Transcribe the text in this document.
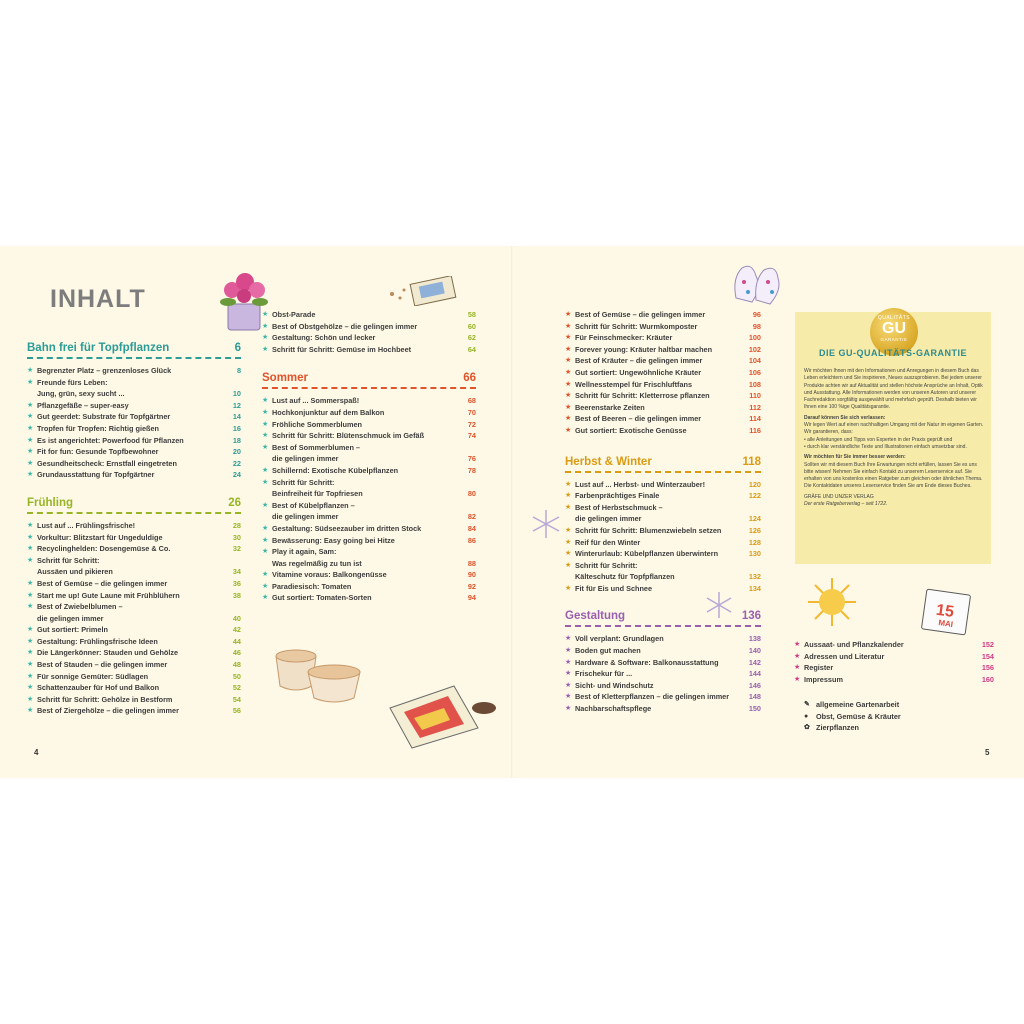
INHALT
15
MAI
Bahn frei für Topfpflanzen	6
★ Begrenzter Platz – grenzenloses Glück	8
★ Freunde fürs Leben:
Jung, grün, sexy sucht ...	10
★ Pflanzgefäße – super-easy	12
★ Gut geerdet: Substrate für Topfgärtner	14
★ Tropfen für Tropfen: Richtig gießen	16
★ Es ist angerichtet: Powerfood für Pflanzen	18
★ Fit for fun: Gesunde Topfbewohner	20
★ Gesundheitscheck: Ernstfall eingetreten	22
★ Grundausstattung für Topfgärtner	24
Frühling	26
★ Lust auf ... Frühlingsfrische!	28
★ Vorkultur: Blitzstart für Ungeduldige	30
★ Recyclinghelden: Dosengemüse & Co.	32
★ Schritt für Schritt:
Aussäen und pikieren	34
★ Best of Gemüse – die gelingen immer	36
★ Start me up! Gute Laune mit Frühblühern	38
★ Best of Zwiebelblumen –
die gelingen immer	40
★ Gut sortiert: Primeln	42
★ Gestaltung: Frühlingsfrische Ideen	44
★ Die Längerkönner: Stauden und Gehölze	46
★ Best of Stauden – die gelingen immer	48
★ Für sonnige Gemüter: Südlagen	50
★ Schattenzauber für Hof und Balkon	52
★ Schritt für Schritt: Gehölze in Bestform	54
★ Best of Ziergehölze – die gelingen immer	56
★ Obst-Parade	58
★ Best of Obstgehölze – die gelingen immer	60
★ Gestaltung: Schön und lecker	62
★ Schritt für Schritt: Gemüse im Hochbeet	64
Sommer	66
★ Lust auf ... Sommerspaß!	68
★ Hochkonjunktur auf dem Balkon	70
★ Fröhliche Sommerblumen	72
★ Schritt für Schritt: Blütenschmuck im Gefäß	74
★ Best of Sommerblumen –
die gelingen immer	76
★ Schillernd: Exotische Kübelpflanzen	78
★ Schritt für Schritt:
Beinfreiheit für Topfriesen	80
★ Best of Kübelpflanzen –
die gelingen immer	82
★ Gestaltung: Südseezauber im dritten Stock	84
★ Bewässerung: Easy going bei Hitze	86
★ Play it again, Sam:
Was regelmäßig zu tun ist	88
★ Vitamine voraus: Balkongenüsse	90
★ Paradiesisch: Tomaten	92
★ Gut sortiert: Tomaten-Sorten	94
★ Best of Gemüse – die gelingen immer	96
★ Schritt für Schritt: Wurmkomposter	98
★ Für Feinschmecker: Kräuter	100
★ Forever young: Kräuter haltbar machen	102
★ Best of Kräuter – die gelingen immer	104
★ Gut sortiert: Ungewöhnliche Kräuter	106
★ Wellnesstempel für Frischluftfans	108
★ Schritt für Schritt: Kletterrose pflanzen	110
★ Beerenstarke Zeiten	112
★ Best of Beeren – die gelingen immer	114
★ Gut sortiert: Exotische Genüsse	116
Herbst & Winter	118
★ Lust auf ... Herbst- und Winterzauber!	120
★ Farbenprächtiges Finale	122
★ Best of Herbstschmuck –
die gelingen immer	124
★ Schritt für Schritt: Blumenzwiebeln setzen	126
★ Reif für den Winter	128
★ Winterurlaub: Kübelpflanzen überwintern	130
★ Schritt für Schritt:
Kälteschutz für Topfpflanzen	132
★ Fit für Eis und Schnee	134
Gestaltung	136
★ Voll verplant: Grundlagen	138
★ Boden gut machen	140
★ Hardware & Software: Balkonausstattung	142
★ Frischekur für ...	144
★ Sicht- und Windschutz	146
★ Best of Kletterpflanzen – die gelingen immer	148
★ Nachbarschaftspflege	150
QUALITÄTS
GU
GARANTIE
DIE GU-QUALITÄTS-GARANTIE

Wir möchten Ihnen mit den Informationen und Anregungen in diesem Buch das Leben erleichtern und Sie inspirieren, Neues auszuprobieren. Bei jedem unserer Produkte achten wir auf Aktualität und stellen höchste Ansprüche an Inhalt, Optik und Ausstattung. Alle Informationen werden von unseren Autoren und unserer Fachredaktion sorgfältig ausgewählt und mehrfach geprüft. Deshalb bieten wir Ihnen eine 100 %ige Qualitätsgarantie.

Darauf können Sie sich verlassen:

Wir legen Wert auf einen nachhaltigen Umgang mit der Natur im eigenen Garten. Wir garantieren, dass:

• alle Anleitungen und Tipps von Experten in der Praxis geprüft und

• durch klar verständliche Texte und Illustrationen einfach umsetzbar sind.

Wir möchten für Sie immer besser werden:

Sollten wir mit diesem Buch Ihre Erwartungen nicht erfüllen, lassen Sie es uns bitte wissen! Nehmen Sie einfach Kontakt zu unserem Leserservice auf. Sie erhalten von uns kostenlos einen Ratgeber zum gleichen oder ähnlichen Thema. Die Kontaktdaten unseres Leserservice finden Sie am Ende dieses Buches.

GRÄFE UND UNZER VERLAG

Der erste Ratgeberverlag – seit 1722.

★ Aussaat- und Pflanzkalender	152
★ Adressen und Literatur	154
★ Register	156
★ Impressum	160
✎ allgemeine Gartenarbeit
●	Obst, Gemüse & Kräuter
✿ Zierpflanzen
4	5
